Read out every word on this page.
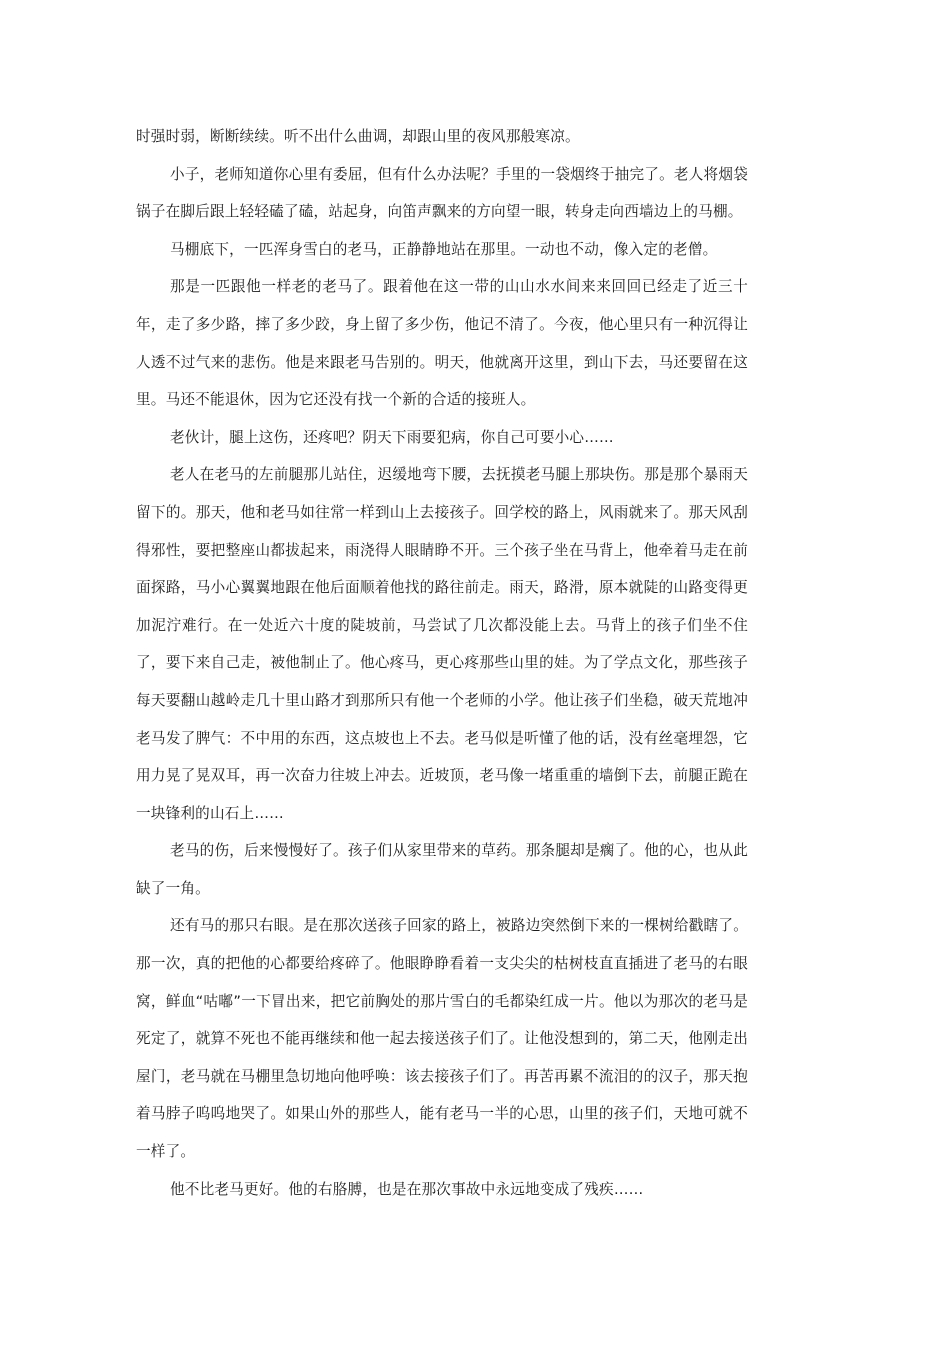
时强时弱，断断续续。听不出什么曲调，却跟山里的夜风那般寒凉。

小子，老师知道你心里有委屈，但有什么办法呢？手里的一袋烟终于抽完了。老人将烟袋锅子在脚后跟上轻轻磕了磕，站起身，向笛声飘来的方向望一眼，转身走向西墙边上的马棚。

马棚底下，一匹浑身雪白的老马，正静静地站在那里。一动也不动，像入定的老僧。

那是一匹跟他一样老的老马了。跟着他在这一带的山山水水间来来回回已经走了近三十年，走了多少路，摔了多少跤，身上留了多少伤，他记不清了。今夜，他心里只有一种沉得让人透不过气来的悲伤。他是来跟老马告别的。明天，他就离开这里，到山下去，马还要留在这里。马还不能退休，因为它还没有找一个新的合适的接班人。

老伙计，腿上这伤，还疼吧？阴天下雨要犯病，你自己可要小心……

老人在老马的左前腿那儿站住，迟缓地弯下腰，去抚摸老马腿上那块伤。那是那个暴雨天留下的。那天，他和老马如往常一样到山上去接孩子。回学校的路上，风雨就来了。那天风刮得邪性，要把整座山都拔起来，雨浇得人眼睛睁不开。三个孩子坐在马背上，他牵着马走在前面探路，马小心翼翼地跟在他后面顺着他找的路往前走。雨天，路滑，原本就陡的山路变得更加泥泞难行。在一处近六十度的陡坡前，马尝试了几次都没能上去。马背上的孩子们坐不住了，要下来自己走，被他制止了。他心疼马，更心疼那些山里的娃。为了学点文化，那些孩子每天要翻山越岭走几十里山路才到那所只有他一个老师的小学。他让孩子们坐稳，破天荒地冲老马发了脾气：不中用的东西，这点坡也上不去。老马似是听懂了他的话，没有丝毫埋怨，它用力晃了晃双耳，再一次奋力往坡上冲去。近坡顶，老马像一堵重重的墙倒下去，前腿正跪在一块锋利的山石上……

老马的伤，后来慢慢好了。孩子们从家里带来的草药。那条腿却是瘸了。他的心，也从此缺了一角。

还有马的那只右眼。是在那次送孩子回家的路上，被路边突然倒下来的一棵树给戳瞎了。那一次，真的把他的心都要给疼碎了。他眼睁睁看着一支尖尖的枯树枝直直插进了老马的右眼窝，鲜血“咕嘟”一下冒出来，把它前胸处的那片雪白的毛都染红成一片。他以为那次的老马是死定了，就算不死也不能再继续和他一起去接送孩子们了。让他没想到的，第二天，他刚走出屋门，老马就在马棚里急切地向他呼唤：该去接孩子们了。再苦再累不流泪的的汉子，那天抱着马脖子呜呜地哭了。如果山外的那些人，能有老马一半的心思，山里的孩子们，天地可就不一样了。

他不比老马更好。他的右胳膊，也是在那次事故中永远地变成了残疾……
